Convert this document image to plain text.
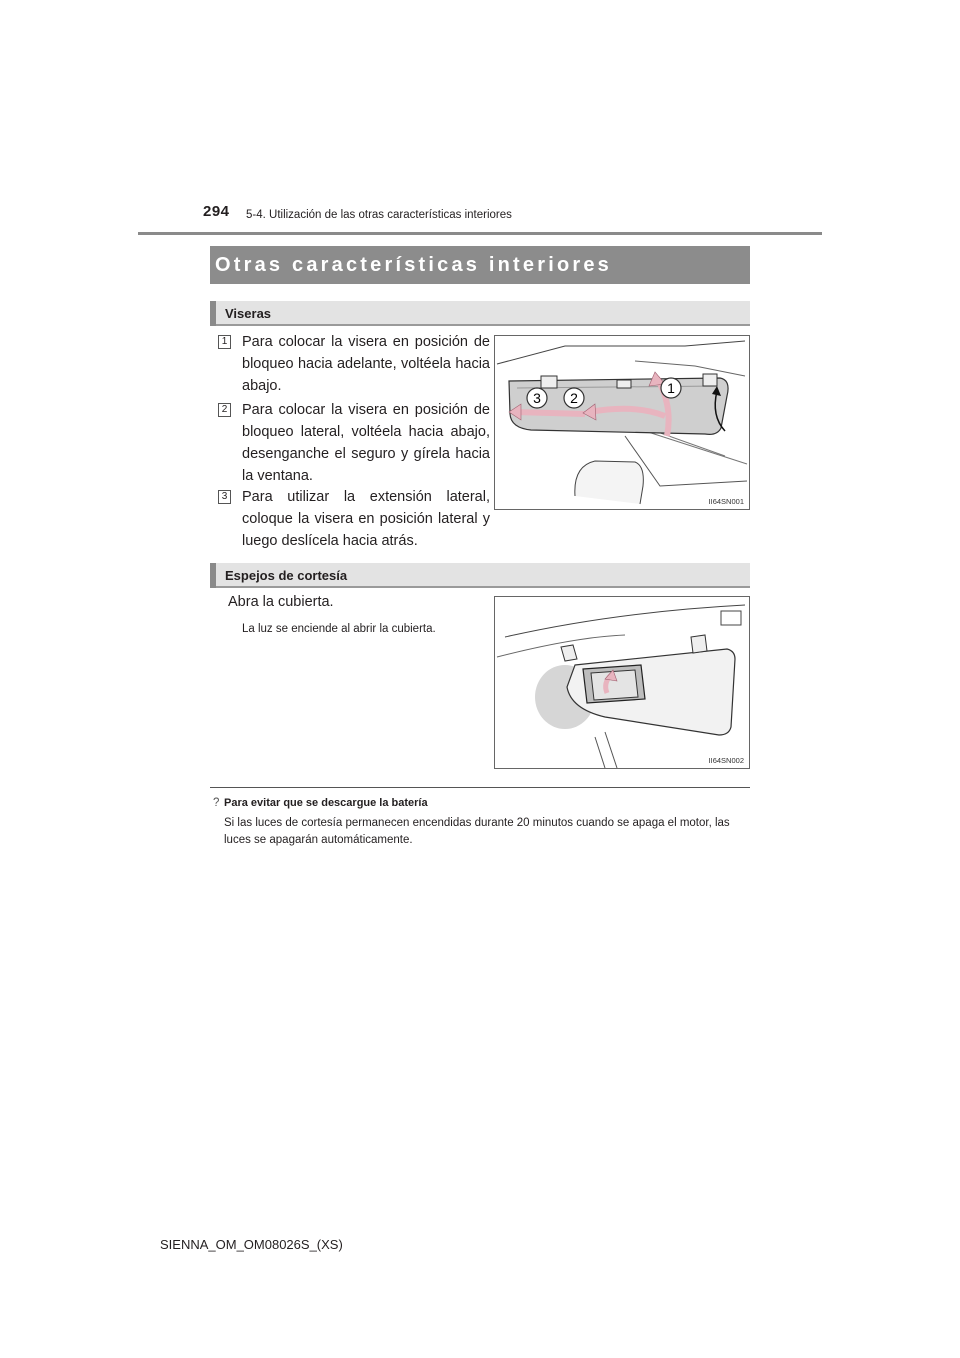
294 5-4. Utilización de las otras características interiores
Otras características interiores
Viseras
1 Para colocar la visera en posición de bloqueo hacia adelante, voltéela hacia abajo.
2 Para colocar la visera en posición de bloqueo lateral, voltéela hacia abajo, desenganche el seguro y gírela hacia la ventana.
3 Para utilizar la extensión lateral, coloque la visera en posición lateral y luego deslícela hacia atrás.
1
2
3
II64SN001
Espejos de cortesía
Abra la cubierta.
La luz se enciende al abrir la cubierta.
II64SN002
? Para evitar que se descargue la batería
Si las luces de cortesía permanecen encendidas durante 20 minutos cuando se apaga el motor, las luces se apagarán automáticamente.
SIENNA_OM_OM08026S_(XS)
